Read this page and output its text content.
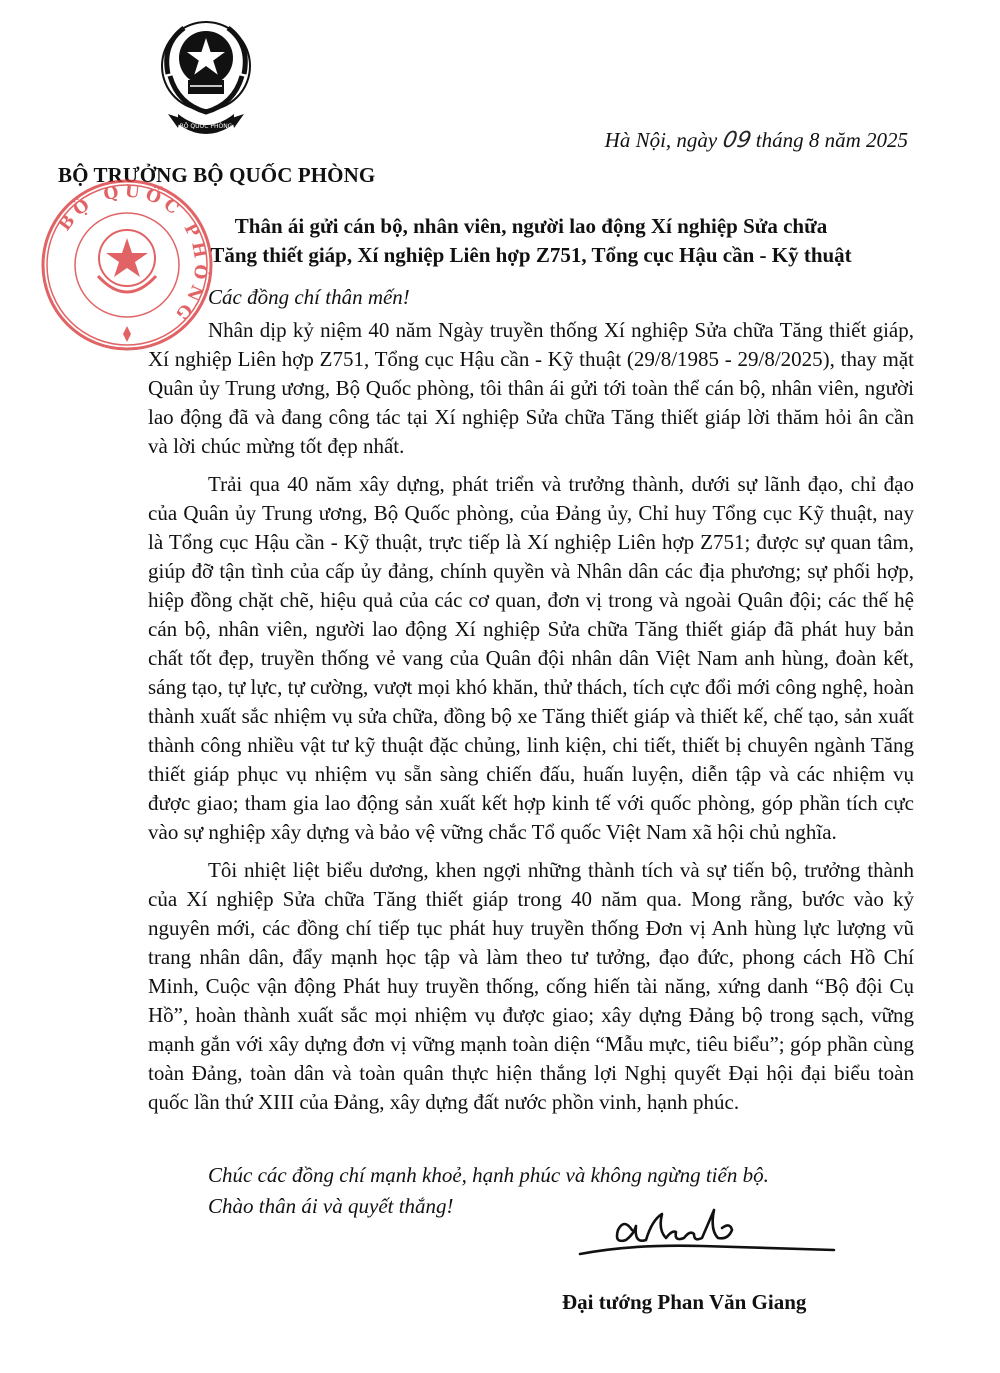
BỘ QUỐC PHÒNG
BỘ TRƯỞNG BỘ QUỐC PHÒNG
Hà Nội, ngày 09 tháng 8 năm 2025
BỘ QUỐC PHÒNG
Thân ái gửi cán bộ, nhân viên, người lao động Xí nghiệp Sửa chữa
Tăng thiết giáp, Xí nghiệp Liên hợp Z751, Tổng cục Hậu cần - Kỹ thuật
Các đồng chí thân mến!

Nhân dịp kỷ niệm 40 năm Ngày truyền thống Xí nghiệp Sửa chữa Tăng thiết giáp, Xí nghiệp Liên hợp Z751, Tổng cục Hậu cần - Kỹ thuật (29/8/1985 - 29/8/2025), thay mặt Quân ủy Trung ương, Bộ Quốc phòng, tôi thân ái gửi tới toàn thể cán bộ, nhân viên, người lao động đã và đang công tác tại Xí nghiệp Sửa chữa Tăng thiết giáp lời thăm hỏi ân cần và lời chúc mừng tốt đẹp nhất.

Trải qua 40 năm xây dựng, phát triển và trưởng thành, dưới sự lãnh đạo, chỉ đạo của Quân ủy Trung ương, Bộ Quốc phòng, của Đảng ủy, Chỉ huy Tổng cục Kỹ thuật, nay là Tổng cục Hậu cần - Kỹ thuật, trực tiếp là Xí nghiệp Liên hợp Z751; được sự quan tâm, giúp đỡ tận tình của cấp ủy đảng, chính quyền và Nhân dân các địa phương; sự phối hợp, hiệp đồng chặt chẽ, hiệu quả của các cơ quan, đơn vị trong và ngoài Quân đội; các thế hệ cán bộ, nhân viên, người lao động Xí nghiệp Sửa chữa Tăng thiết giáp đã phát huy bản chất tốt đẹp, truyền thống vẻ vang của Quân đội nhân dân Việt Nam anh hùng, đoàn kết, sáng tạo, tự lực, tự cường, vượt mọi khó khăn, thử thách, tích cực đổi mới công nghệ, hoàn thành xuất sắc nhiệm vụ sửa chữa, đồng bộ xe Tăng thiết giáp và thiết kế, chế tạo, sản xuất thành công nhiều vật tư kỹ thuật đặc chủng, linh kiện, chi tiết, thiết bị chuyên ngành Tăng thiết giáp phục vụ nhiệm vụ sẵn sàng chiến đấu, huấn luyện, diễn tập và các nhiệm vụ được giao; tham gia lao động sản xuất kết hợp kinh tế với quốc phòng, góp phần tích cực vào sự nghiệp xây dựng và bảo vệ vững chắc Tổ quốc Việt Nam xã hội chủ nghĩa.

Tôi nhiệt liệt biểu dương, khen ngợi những thành tích và sự tiến bộ, trưởng thành của Xí nghiệp Sửa chữa Tăng thiết giáp trong 40 năm qua. Mong rằng, bước vào kỷ nguyên mới, các đồng chí tiếp tục phát huy truyền thống Đơn vị Anh hùng lực lượng vũ trang nhân dân, đẩy mạnh học tập và làm theo tư tưởng, đạo đức, phong cách Hồ Chí Minh, Cuộc vận động Phát huy truyền thống, cống hiến tài năng, xứng danh “Bộ đội Cụ Hồ”, hoàn thành xuất sắc mọi nhiệm vụ được giao; xây dựng Đảng bộ trong sạch, vững mạnh gắn với xây dựng đơn vị vững mạnh toàn diện “Mẫu mực, tiêu biểu”; góp phần cùng toàn Đảng, toàn dân và toàn quân thực hiện thắng lợi Nghị quyết Đại hội đại biểu toàn quốc lần thứ XIII của Đảng, xây dựng đất nước phồn vinh, hạnh phúc.

Chúc các đồng chí mạnh khoẻ, hạnh phúc và không ngừng tiến bộ.
Chào thân ái và quyết thắng!
Đại tướng Phan Văn Giang
